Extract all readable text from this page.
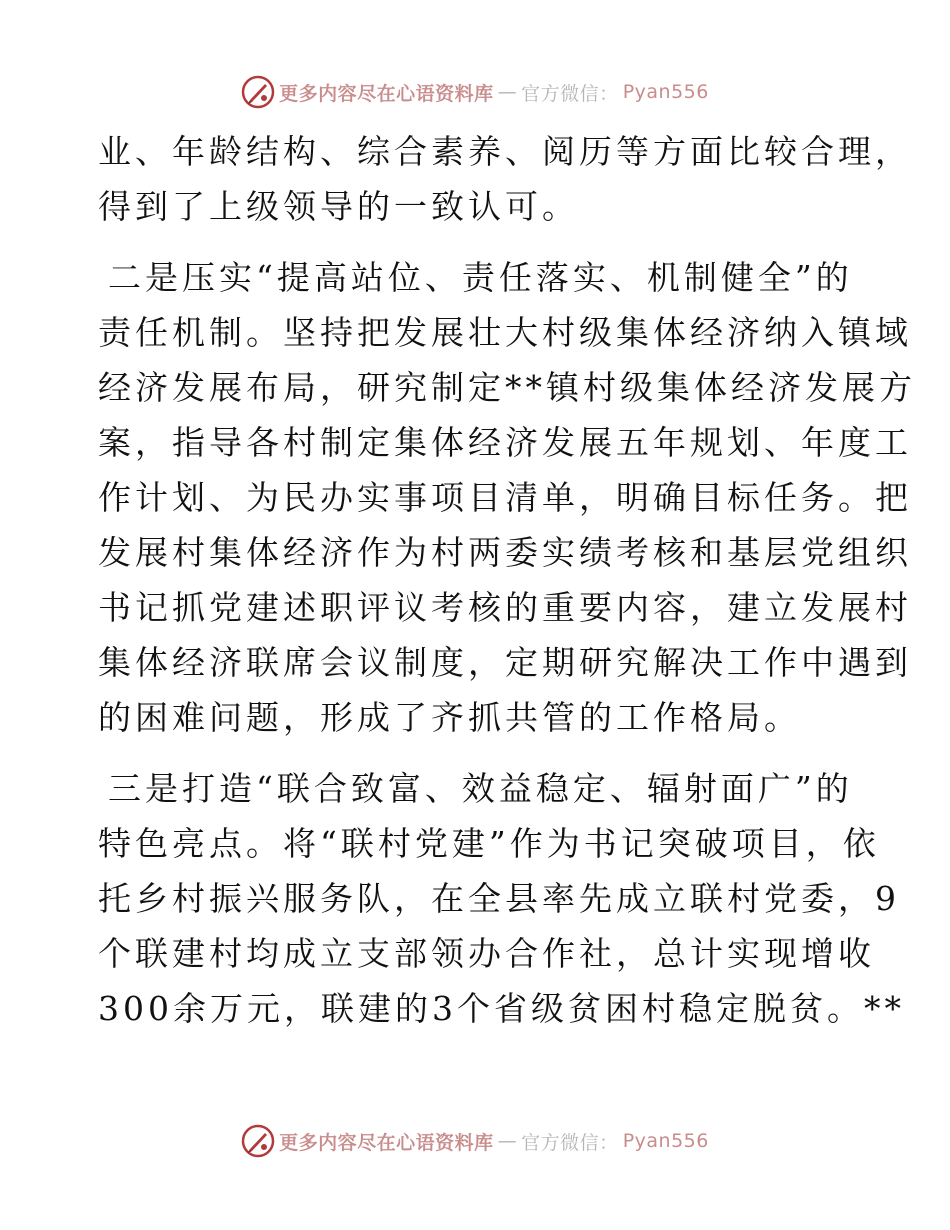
更多内容尽在心语资料库 — 官方微信： Pyan556
业、年龄结构、综合素养、阅历等方面比较合理，
得到了上级领导的一致认可。
二是压实“提高站位、责任落实、机制健全”的
责任机制。坚持把发展壮大村级集体经济纳入镇域
经济发展布局，研究制定**镇村级集体经济发展方
案，指导各村制定集体经济发展五年规划、年度工
作计划、为民办实事项目清单，明确目标任务。把
发展村集体经济作为村两委实绩考核和基层党组织
书记抓党建述职评议考核的重要内容，建立发展村
集体经济联席会议制度，定期研究解决工作中遇到
的困难问题，形成了齐抓共管的工作格局。
三是打造“联合致富、效益稳定、辐射面广”的
特色亮点。将“联村党建”作为书记突破项目，依
托乡村振兴服务队，在全县率先成立联村党委，9
个联建村均成立支部领办合作社，总计实现增收
300余万元，联建的3个省级贫困村稳定脱贫。**
更多内容尽在心语资料库 — 官方微信： Pyan556
